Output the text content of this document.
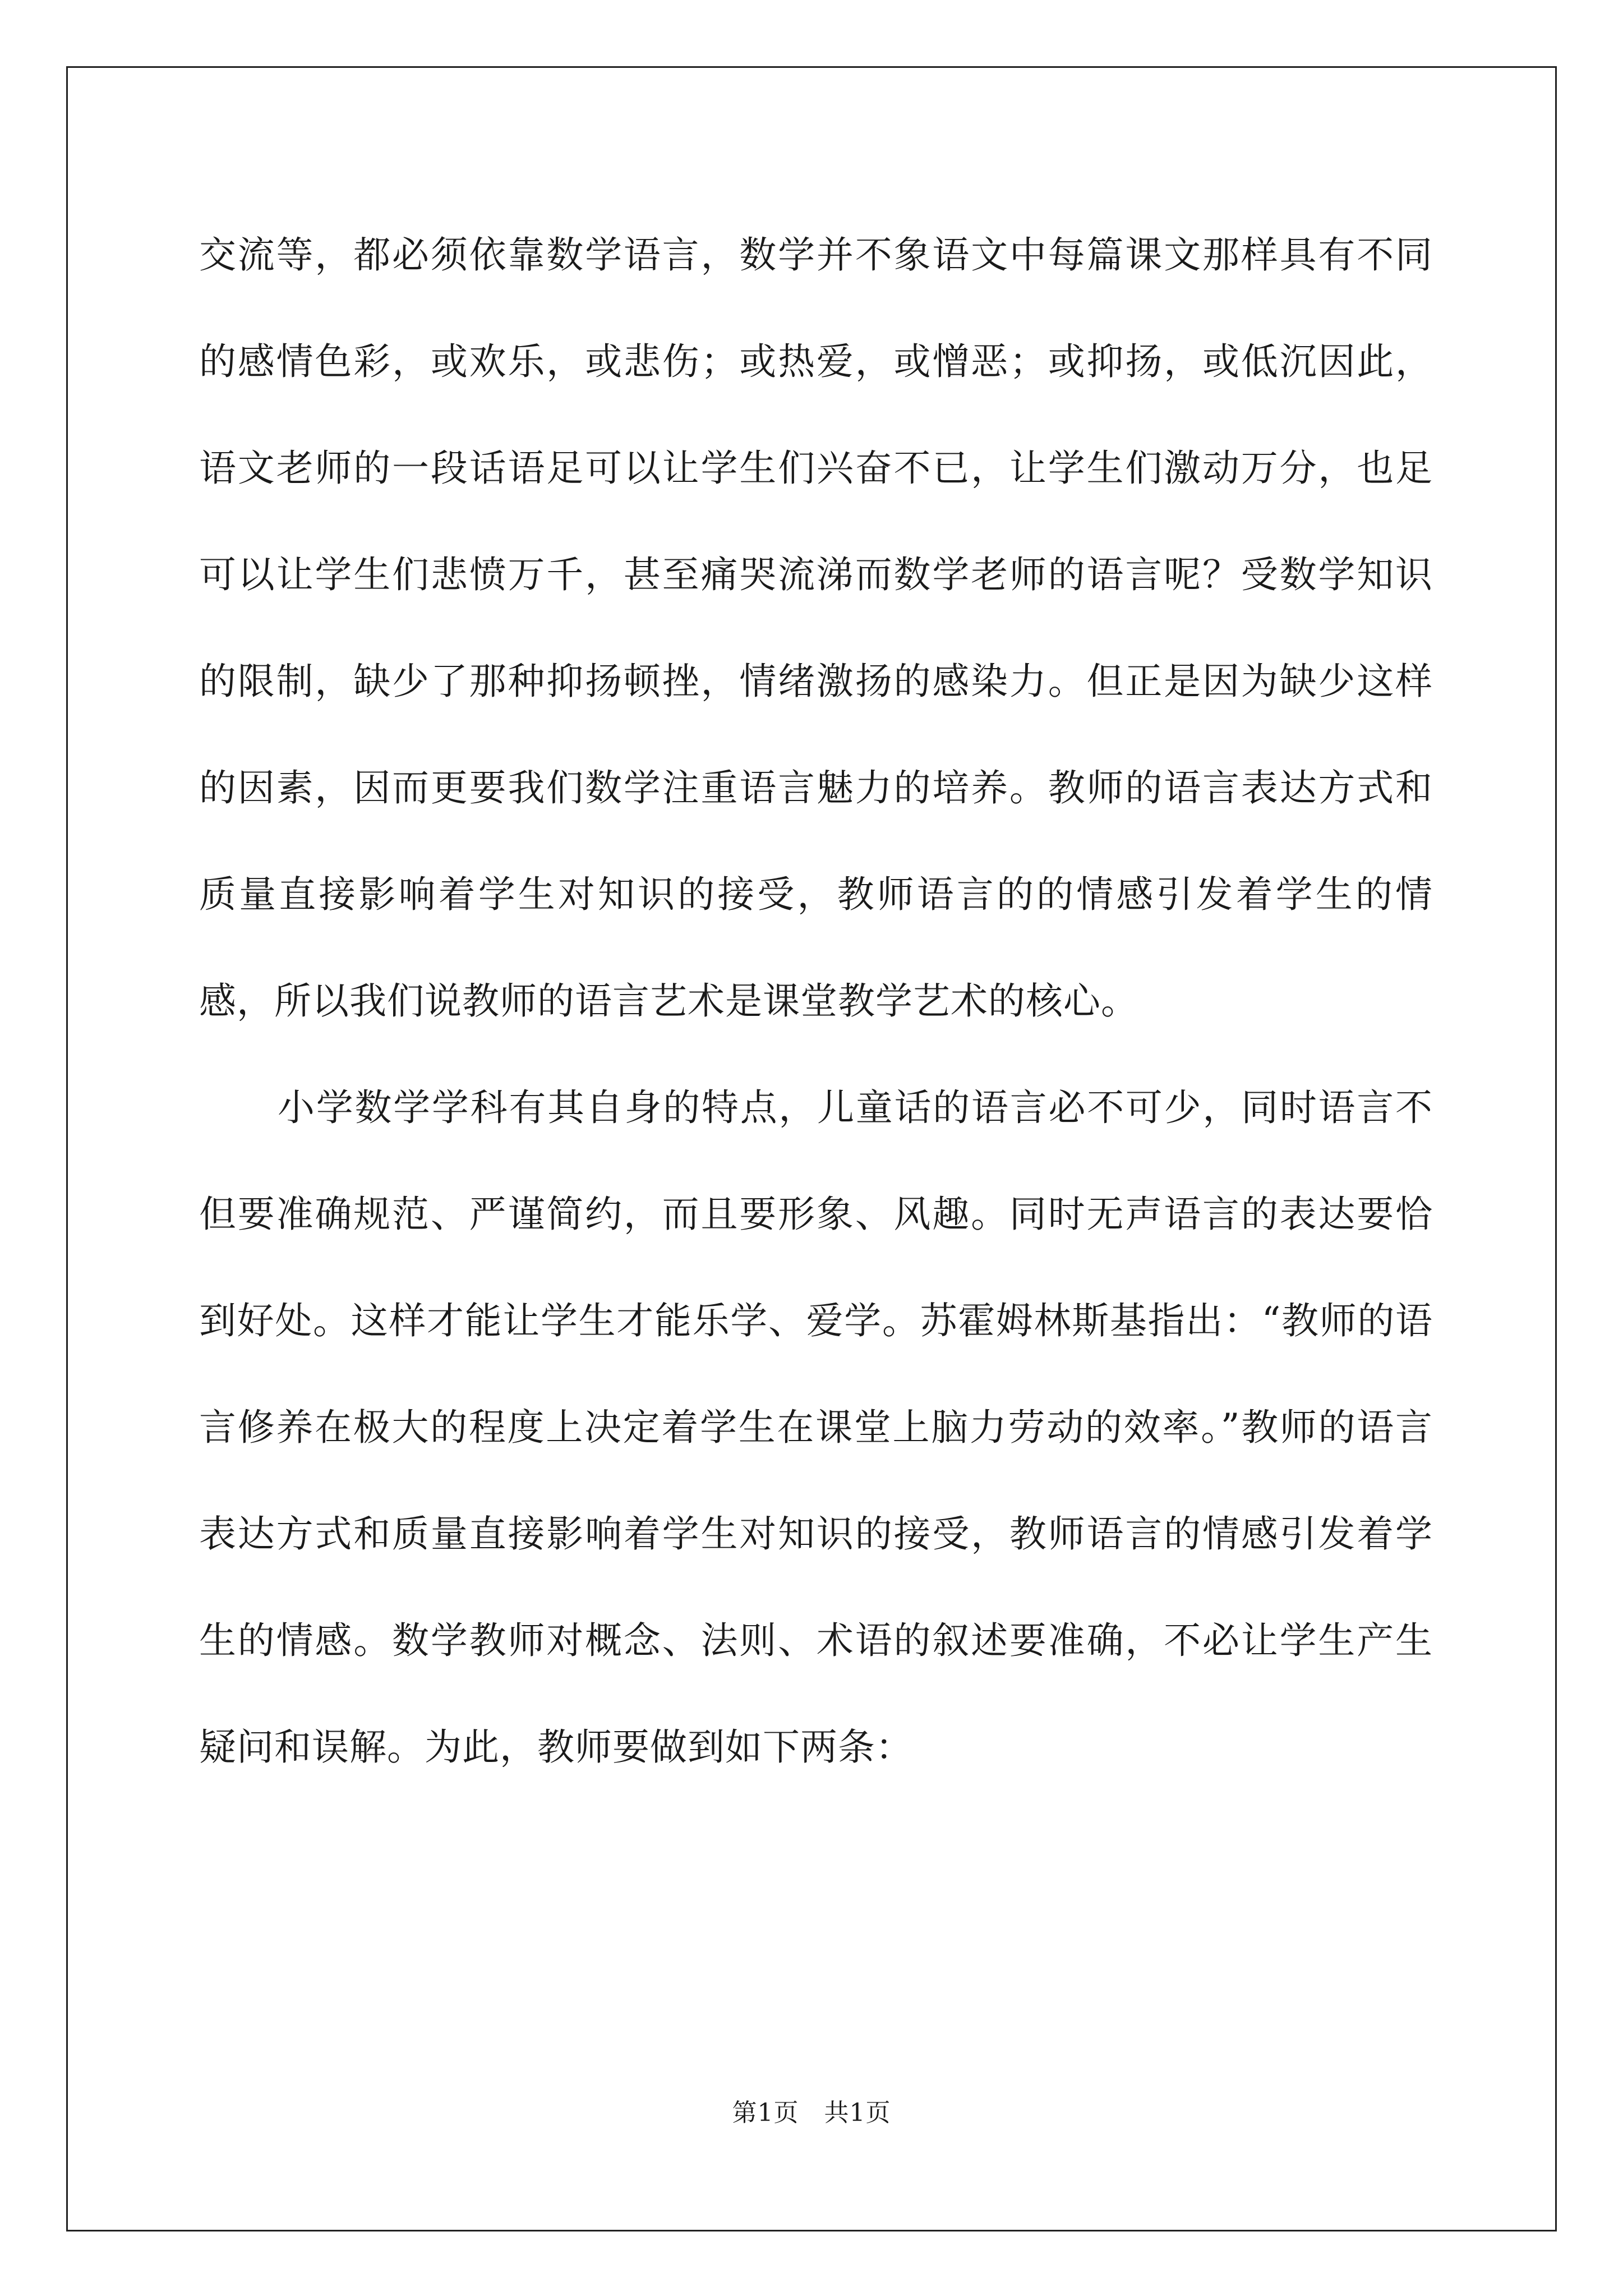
交流等，都必须依靠数学语言，数学并不象语文中每篇课文那样具有不同的感情色彩，或欢乐，或悲伤；或热爱，或憎恶；或抑扬，或低沉因此，语文老师的一段话语足可以让学生们兴奋不已，让学生们激动万分，也足可以让学生们悲愤万千，甚至痛哭流涕而数学老师的语言呢？受数学知识的限制，缺少了那种抑扬顿挫，情绪激扬的感染力。但正是因为缺少这样的因素，因而更要我们数学注重语言魅力的培养。教师的语言表达方式和质量直接影响着学生对知识的接受，教师语言的的情感引发着学生的情感，所以我们说教师的语言艺术是课堂教学艺术的核心。

小学数学学科有其自身的特点，儿童话的语言必不可少，同时语言不但要准确规范、严谨简约，而且要形象、风趣。同时无声语言的表达要恰到好处。这样才能让学生才能乐学、爱学。苏霍姆林斯基指出：“教师的语言修养在极大的程度上决定着学生在课堂上脑力劳动的效率。”教师的语言表达方式和质量直接影响着学生对知识的接受，教师语言的情感引发着学生的情感。数学教师对概念、法则、术语的叙述要准确，不必让学生产生疑问和误解。为此，教师要做到如下两条：

第1页　共1页
